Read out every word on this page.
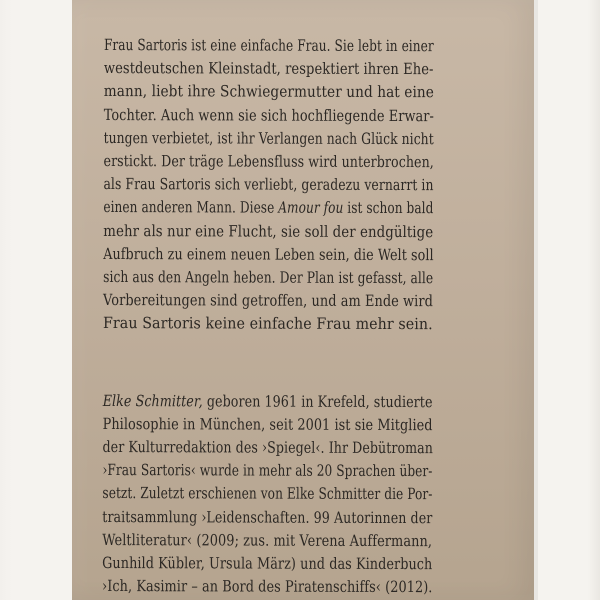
Frau Sartoris ist eine einfache Frau. Sie lebt in einer
westdeutschen Kleinstadt, respektiert ihren Ehe-
mann, liebt ihre Schwiegermutter und hat eine
Tochter. Auch wenn sie sich hochfliegende Erwar-
tungen verbietet, ist ihr Verlangen nach Glück nicht
erstickt. Der träge Lebensfluss wird unterbrochen,
als Frau Sartoris sich verliebt, geradezu vernarrt in
einen anderen Mann. Diese Amour fou ist schon bald
mehr als nur eine Flucht, sie soll der endgültige
Aufbruch zu einem neuen Leben sein, die Welt soll
sich aus den Angeln heben. Der Plan ist gefasst, alle
Vorbereitungen sind getroffen, und am Ende wird
Frau Sartoris keine einfache Frau mehr sein.
Elke Schmitter, geboren 1961 in Krefeld, studierte
Philosophie in München, seit 2001 ist sie Mitglied
der Kulturredaktion des ›Spiegel‹. Ihr Debütroman
›Frau Sartoris‹ wurde in mehr als 20 Sprachen über-
setzt. Zuletzt erschienen von Elke Schmitter die Por-
traitsammlung ›Leidenschaften. 99 Autorinnen der
Weltliteratur‹ (2009; zus. mit Verena Auffermann,
Gunhild Kübler, Ursula März) und das Kinderbuch
›Ich, Kasimir – an Bord des Piratenschiffs‹ (2012).
